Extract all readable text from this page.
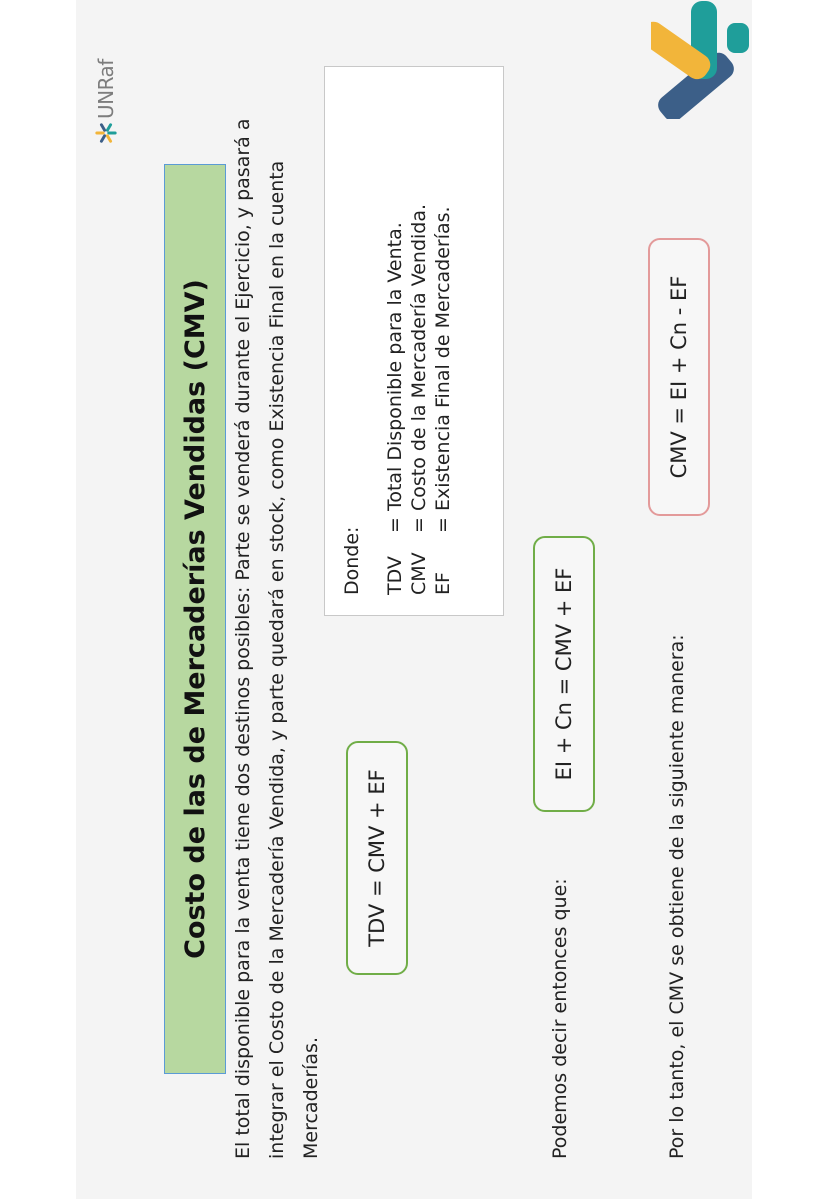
UNRaf
Costo de las de Mercaderías Vendidas (CMV)	El total disponible para la venta tiene dos destinos posibles: Parte se venderá durante el Ejercicio, y pasará a integrar el Costo de la Mercadería Vendida, y parte quedará en stock, como Existencia Final en la cuenta Mercaderías.

TDV = CMV + EF
Donde: TDV
= Total Disponible para la Venta.
CMV
= Costo de la Mercadería Vendida.
EF
= Existencia Final de Mercaderías.
Podemos decir entonces que:
EI + Cn = CMV + EF	Por lo tanto, el CMV se obtiene de la siguiente manera:
CMV = EI + Cn - EF
